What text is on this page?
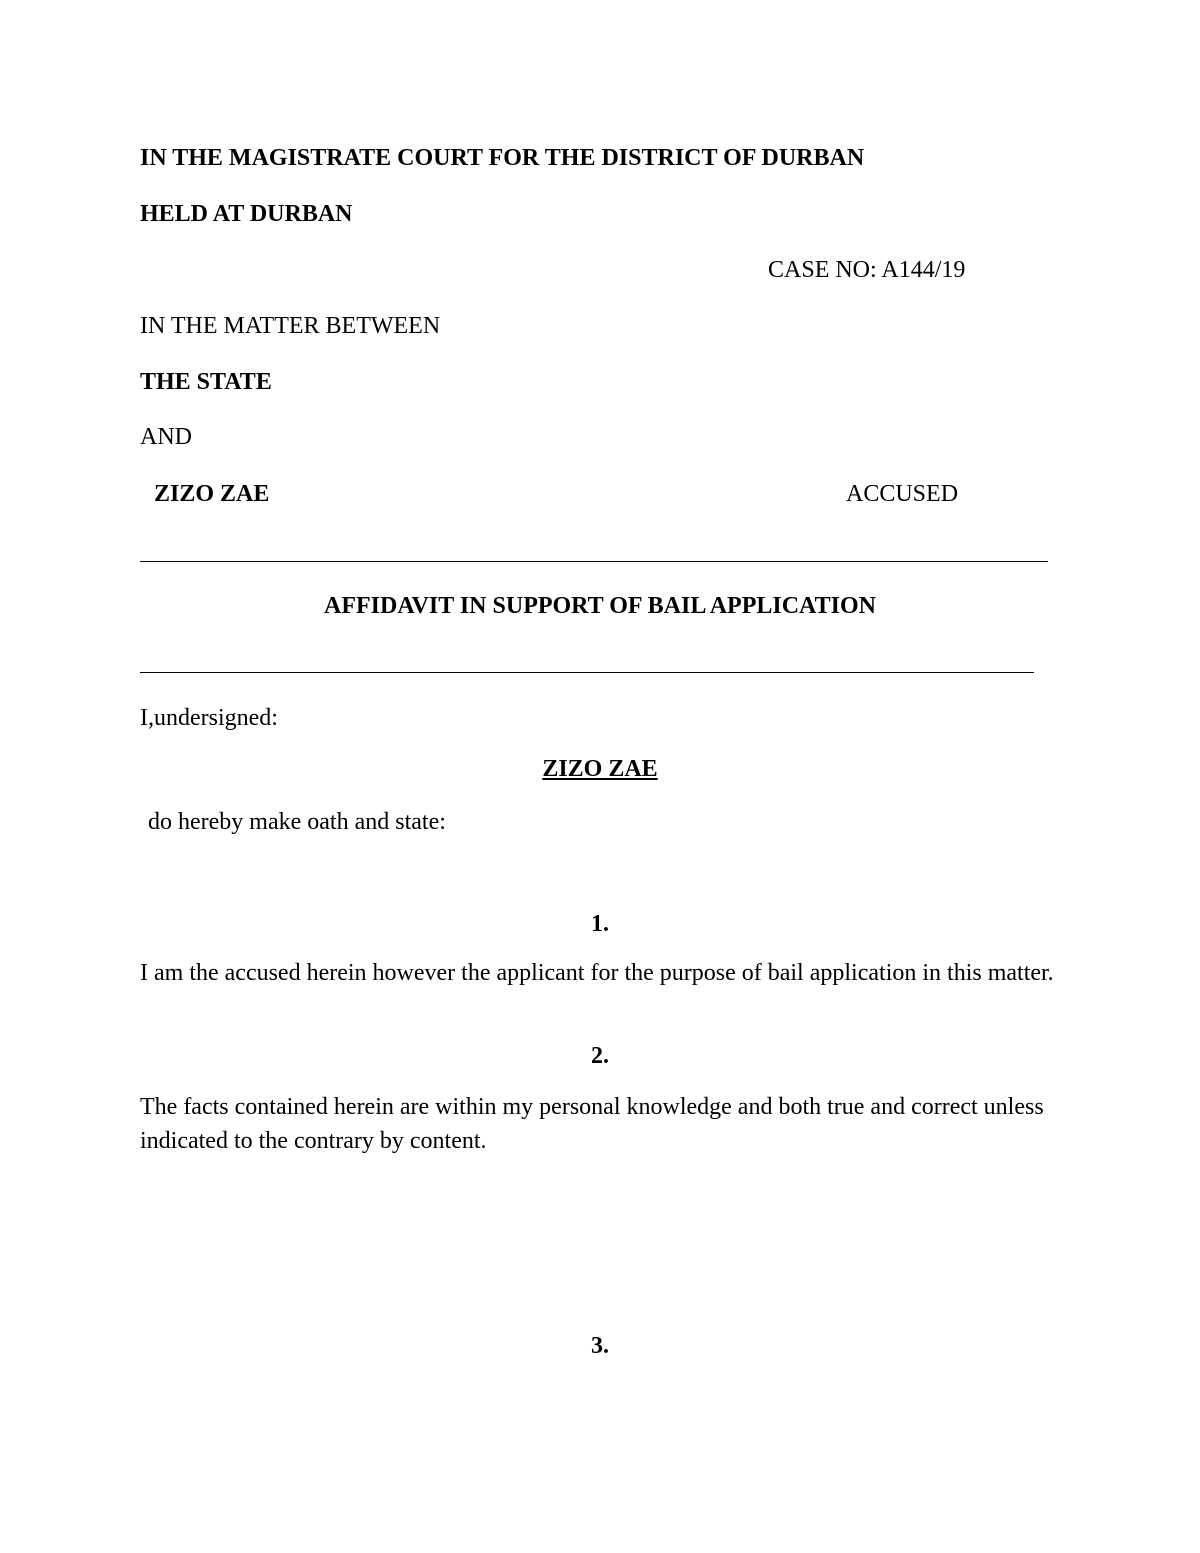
IN THE MAGISTRATE COURT FOR THE DISTRICT OF DURBAN
HELD AT DURBAN
CASE NO: A144/19
IN THE MATTER BETWEEN
THE STATE
AND
ZIZO ZAE	ACCUSED
AFFIDAVIT IN SUPPORT OF BAIL APPLICATION
I,undersigned:
ZIZO ZAE
do hereby make oath and state:
1.
I am the accused herein however the applicant for the purpose of bail application in this matter.
2.
The facts contained herein are within my personal knowledge and both true and correct unless indicated to the contrary by content.
3.
